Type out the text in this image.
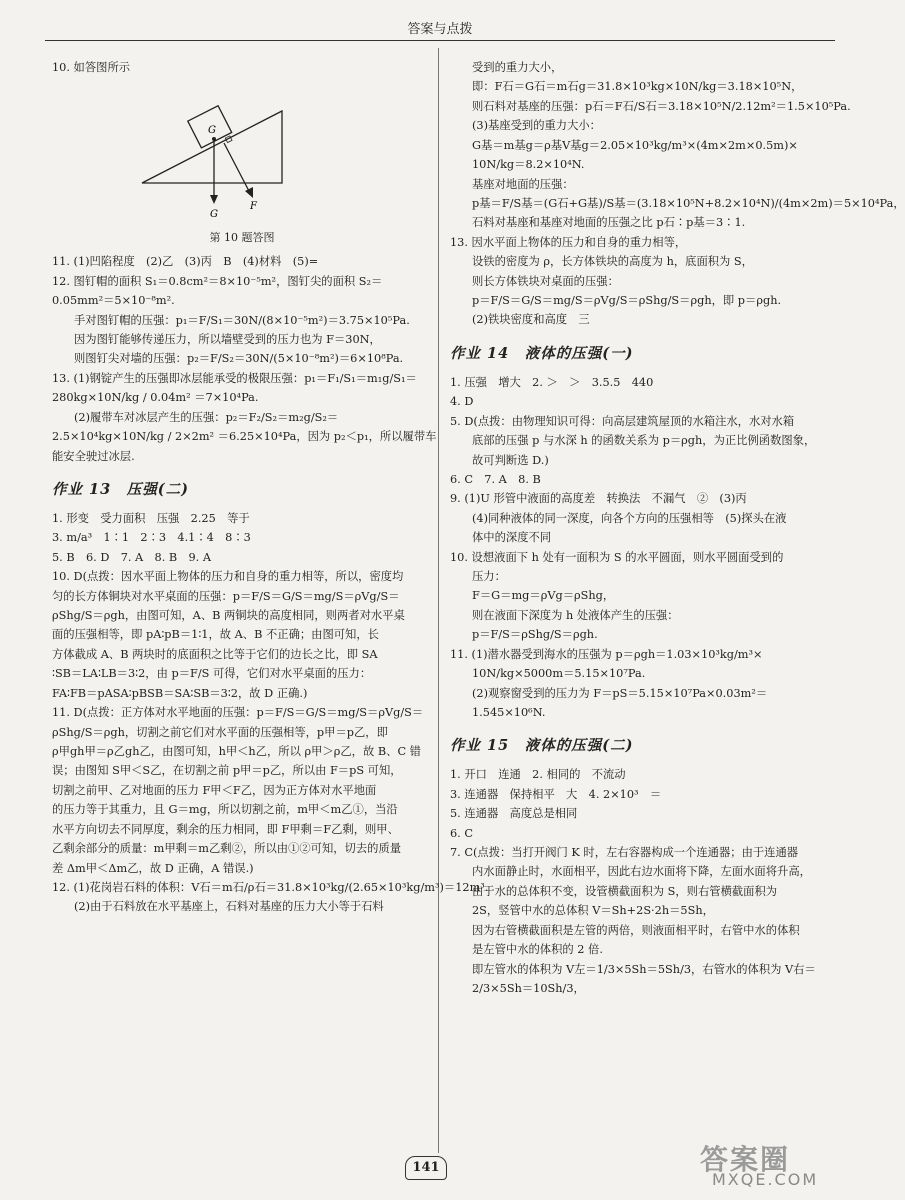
答案与点拨
10. 如答图所示
G
G
F
第 10 题答图
11. (1)凹陷程度　(2)乙　(3)丙　B　(4)材料　(5)=
12. 图钉帽的面积 S₁＝0.8cm²＝8×10⁻⁵m²，图钉尖的面积 S₂＝
0.05mm²＝5×10⁻⁸m².
手对图钉帽的压强：p₁＝F/S₁＝30N/(8×10⁻⁵m²)＝3.75×10⁵Pa.
因为图钉能够传递压力，所以墙壁受到的压力也为 F＝30N，
则图钉尖对墙的压强：p₂＝F/S₂＝30N/(5×10⁻⁸m²)＝6×10⁸Pa.
13. (1)钢锭产生的压强即冰层能承受的极限压强：p₁＝F₁/S₁＝m₁g/S₁＝
280kg×10N/kg / 0.04m² ＝7×10⁴Pa.
(2)履带车对冰层产生的压强：p₂＝F₂/S₂＝m₂g/S₂＝
2.5×10⁴kg×10N/kg / 2×2m² ＝6.25×10⁴Pa，因为 p₂＜p₁，所以履带车
能安全驶过冰层.
作业 13　压强(二)
1. 形变　受力面积　压强　2.25　等于
3. m/a³　1∶1　2∶3　4.1∶4　8∶3
5. B　6. D　7. A　8. B　9. A
10. D(点拨：因水平面上物体的压力和自身的重力相等，所以，密度均
匀的长方体铜块对水平桌面的压强：p＝F/S＝G/S＝mg/S＝ρVg/S＝
ρShg/S＝ρgh，由图可知，A、B 两铜块的高度相同，则两者对水平桌
面的压强相等，即 pA∶pB＝1∶1，故 A、B 不正确；由图可知，长
方体截成 A、B 两块时的底面积之比等于它们的边长之比，即 SA
∶SB＝LA∶LB＝3∶2，由 p＝F/S 可得，它们对水平桌面的压力：
FA∶FB＝pASA∶pBSB＝SA∶SB＝3∶2，故 D 正确.)
11. D(点拨：正方体对水平地面的压强：p＝F/S＝G/S＝mg/S＝ρVg/S＝
ρShg/S＝ρgh，切割之前它们对水平面的压强相等，p甲＝p乙，即
ρ甲gh甲＝ρ乙gh乙，由图可知，h甲＜h乙，所以 ρ甲＞ρ乙，故 B、C 错
误；由图知 S甲＜S乙，在切割之前 p甲＝p乙，所以由 F＝pS 可知，
切割之前甲、乙对地面的压力 F甲＜F乙，因为正方体对水平地面
的压力等于其重力，且 G＝mg，所以切割之前，m甲＜m乙①，当沿
水平方向切去不同厚度，剩余的压力相同，即 F甲剩＝F乙剩，则甲、
乙剩余部分的质量：m甲剩＝m乙剩②，所以由①②可知，切去的质量
差 Δm甲＜Δm乙，故 D 正确，A 错误.)
12. (1)花岗岩石料的体积：V石＝m石/ρ石＝31.8×10³kg/(2.65×10³kg/m³)＝12m³.
(2)由于石料放在水平基座上，石料对基座的压力大小等于石料
受到的重力大小，
即：F石＝G石＝m石g＝31.8×10³kg×10N/kg＝3.18×10⁵N，
则石料对基座的压强：p石＝F石/S石＝3.18×10⁵N/2.12m²＝1.5×10⁵Pa.
(3)基座受到的重力大小：
G基＝m基g＝ρ基V基g＝2.05×10³kg/m³×(4m×2m×0.5m)×
10N/kg＝8.2×10⁴N.
基座对地面的压强：
p基＝F/S基＝(G石+G基)/S基＝(3.18×10⁵N+8.2×10⁴N)/(4m×2m)＝5×10⁴Pa，
石料对基座和基座对地面的压强之比 p石∶p基＝3∶1.
13. 因水平面上物体的压力和自身的重力相等，
设铁的密度为 ρ，长方体铁块的高度为 h，底面积为 S，
则长方体铁块对桌面的压强：
p＝F/S＝G/S＝mg/S＝ρVg/S＝ρShg/S＝ρgh，即 p＝ρgh.
(2)铁块密度和高度　三
作业 14　液体的压强(一)
1. 压强　增大　2. ＞　＞　3.5.5　440
4. D
5. D(点拨：由物理知识可得：向高层建筑屋顶的水箱注水，水对水箱
底部的压强 p 与水深 h 的函数关系为 p＝ρgh，为正比例函数图象，
故可判断选 D.)
6. C　7. A　8. B
9. (1)U 形管中液面的高度差　转换法　不漏气　②　(3)丙
(4)同种液体的同一深度，向各个方向的压强相等　(5)探头在液
体中的深度不同
10. 设想液面下 h 处有一面积为 S 的水平圆面，则水平圆面受到的
压力：
F＝G＝mg＝ρVg＝ρShg，
则在液面下深度为 h 处液体产生的压强：
p＝F/S＝ρShg/S＝ρgh.
11. (1)潜水器受到海水的压强为 p＝ρgh＝1.03×10³kg/m³×
10N/kg×5000m＝5.15×10⁷Pa.
(2)观察窗受到的压力为 F＝pS＝5.15×10⁷Pa×0.03m²＝
1.545×10⁶N.
作业 15　液体的压强(二)
1. 开口　连通　2. 相同的　不流动
3. 连通器　保持相平　大　4. 2×10³　＝
5. 连通器　高度总是相同
6. C
7. C(点拨：当打开阀门 K 时，左右容器构成一个连通器；由于连通器
内水面静止时，水面相平，因此右边水面将下降，左面水面将升高，
由于水的总体积不变，设管横截面积为 S，则右管横截面积为
2S，竖管中水的总体积 V＝Sh+2S·2h＝5Sh，
因为右管横截面积是左管的两倍，则液面相平时，右管中水的体积
是左管中水的体积的 2 倍.
即左管水的体积为 V左＝1/3×5Sh＝5Sh/3，右管水的体积为 V右＝
2/3×5Sh＝10Sh/3，
141	答案圈
MXQE.COM
